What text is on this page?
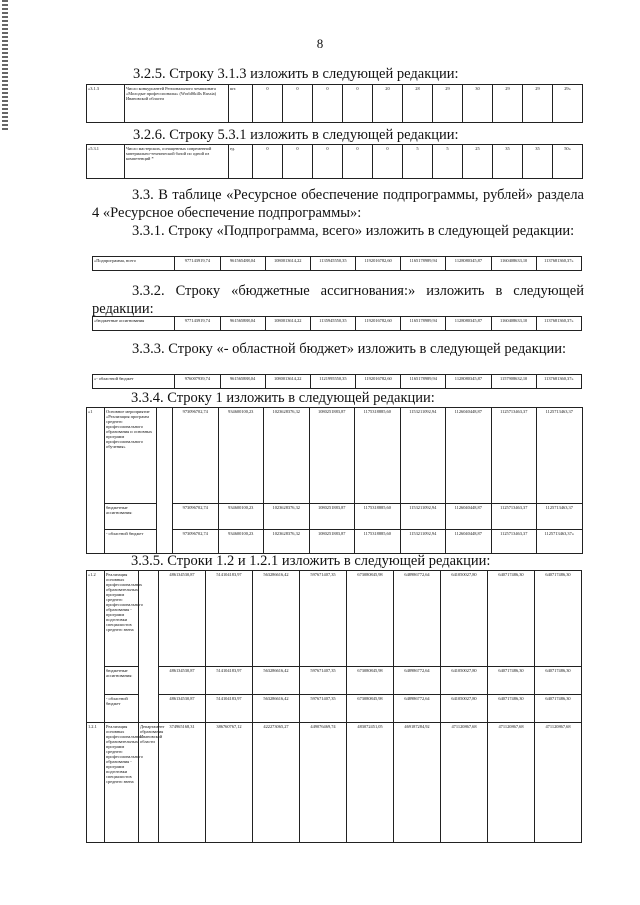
8
3.2.5. Строку 3.1.3 изложить в следующей редакции:
«3.1.3	Число конкурсантей Регионального чемпионата «Молодые профессионалы» (WorldSkills Russia) Ивановской области	шт.	0	0	0	0	20	28	29	30	29	29	29»
3.2.6. Строку 5.3.1 изложить в следующей редакции:
«5.3.1	Число мастерских, оснащенных современной материально-технической базой по одной из компетенций *	ед.	0	0	0	0	0	5	5	25	35	35	50»
3.3. В таблице «Ресурсное обеспечение подпрограммы, рублей» раздела 4 «Ресурсное обеспечение подпрограммы»:
3.3.1. Строку «Подпрограмма, всего» изложить в следующей редакции:
«Подпрограмма, всего	977143919,74	961565488,04	1080013614,22	1135945550,35	1192016782,60	1165178989,94	1128080345,87	1160408633,10	1137681360,37»
3.3.2. Строку «бюджетные ассигнования:» изложить в следующей редакции:
«бюджетные ассигнования	977143919,74	961565888,04	1080013614,22	1135945550,35	1192016782,60	1165178989,94	1128080345,87	1160408633,10	1137681360,37»
3.3.3. Строку «- областной бюджет» изложить в следующей редакции:
«- областной бюджет	976007939,74	961565888,04	1080013614,22	1121995550,35	1192016782,60	1165178989,94	1128080345,87	1157908632,10	1137681360,37»
3.3.4. Строку 1 изложить в следующей редакции:
«1	Основное мероприятие «Реализация программ среднего профессионального образования и основных программ профессионального обучения»		973096702,74	934600100,23	1023628376,32	1080251883,87	1175318885,60	1153211092,94	1126040448,87	1125713463,37	1125713463,37
	бюджетные ассигнования:		973096702,74	934600100,23	1023628376,32	1080251883,87	1175318885,60	1153211092,94	1126040448,87	1125713463,37	1125713463,37
	- областной бюджет		973096702,74	934600100,23	1023628376,32	1080251883,87	1175318885,60	1153211092,94	1126040448,87	1125713463,37	1125713463,37»
3.3.5. Строки 1.2 и 1.2.1 изложить в следующей редакции:
«1.2	Реализация основных профессиональных образовательных программ среднего профессионального образования - программ подготовки специалистов среднего звена		486134530,87	514104183,97	563286616,42	597671407,35	673080845,98	648986772,64	641050027,80	640717486,30	640717486,30
	бюджетные ассигнования:		486134530,87	514104183,97	563286616,42	597671407,35	673080845,98	648986772,64	641050027,80	640717486,30	640717486,30
	- областной бюджет		486134530,87	514104183,97	563286616,42	597671407,35	673080845,98	648986772,64	641050027,80	640717486,30	640717486,30
1.2.1	Реализация основных профессиональных образовательных программ среднего профессионального образования - программ подготовки специалистов среднего звена	Департамент образования Ивановской области	374965168,31	386760767,12	422273065,27	449076469,74	483072451,05	469187284,92	471120867,68	471120867,68	471120867,68
